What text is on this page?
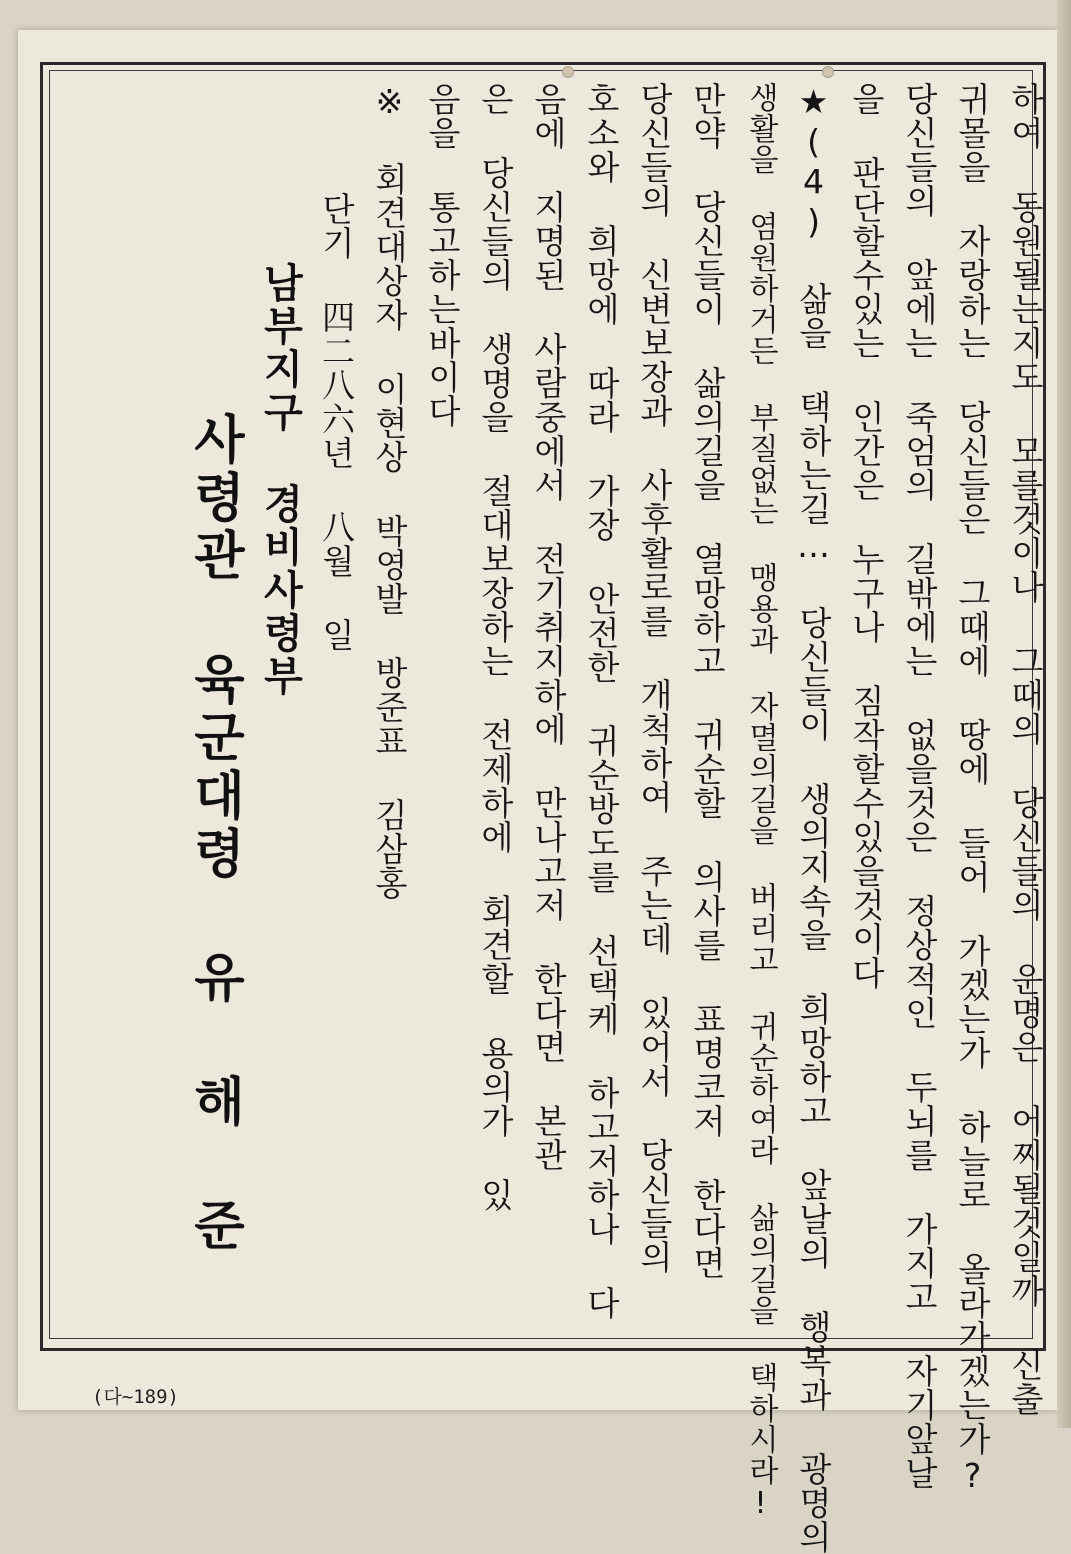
하여 동원될는지도 모를것이나 그때의 당신들의 운명은 어찌될것일까 신출
귀몰을 자랑하는 당신들은 그때에 땅에 들어 가겠는가 하늘로 올라가겠는가?
당신들의 앞에는 죽엄의 길밖에는 없을것은 정상적인 두뇌를 가지고 자기앞날
을 판단할수있는 인간은 누구나 짐작할수있을것이다
★(4) 삶을 택하는길… 당신들이 생의지속을 희망하고 앞날의 행복과 광명의
생활을 염원하거든 부질없는 맹용과 자멸의길을 버리고 귀순하여라 삶의길을 택하시라!
만약 당신들이 삶의길을 열망하고 귀순할 의사를 표명코저 한다면
당신들의 신변보장과 사후활로를 개척하여 주는데 있어서 당신들의
호소와 희망에 따라 가장 안전한 귀순방도를 선택케 하고저하나 다
음에 지명된 사람중에서 전기취지하에 만나고저 한다면 본관
은 당신들의 생명을 절대보장하는 전제하에 회견할 용의가 있
음을 통고하는바이다
※ 회견대상자 이현상 박영발 방준표 김삼홍
단기 四二八六년 八월 일
남부지구 경비사령부
사령관 육군대령 유 해 준
(다~189)
